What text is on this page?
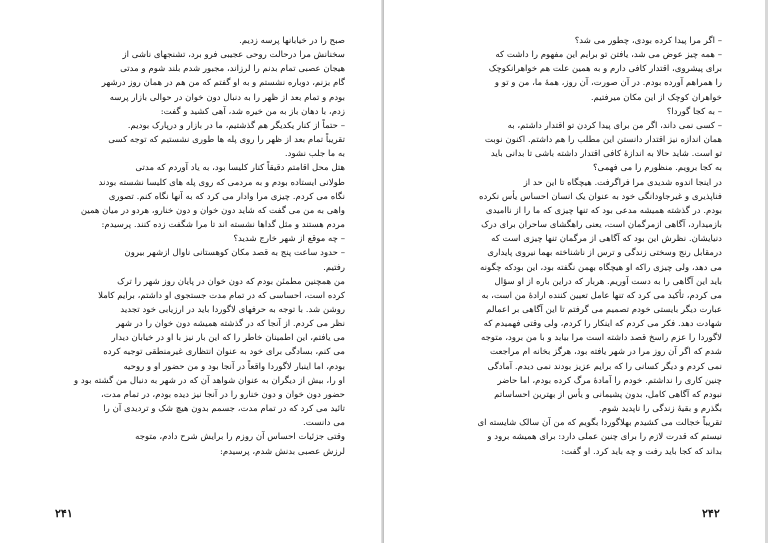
صبح را در خیابانها پرسه زدیم.
سخنانش مرا درحالت روحی عجیبی فرو برد، تشنجهای ناشی از
هیجان عصبی تمام بدنم را لرزاند، مجبور شدم بلند شوم و مدتی
گام بزنم، دوباره نشستم و به او گفتم که من هم در همان روز درشهر
بودم و تمام بعد از ظهر را به دنبال دون خوان در حوالی بازار پرسه
زدم، با دهان باز به من خیره شد، آهی کشید و گفت:
– حتماً از کنار یکدیگر هم گذشتیم، ما در بازار و درپارک بودیم.
تقریباً تمام بعد از ظهر را روی پله ها طوری نشستیم که توجه کسی
به ما جلب نشود.
هتل محل اقامتم دقیقاً کنار کلیسا بود، به یاد آوردم که مدتی
طولانی ایستاده بودم و به مردمی که روی پله های کلیسا نشسته بودند
نگاه می کردم. چیزی مرا وادار می کرد که به آنها نگاه کنم. تصوری
واهی به من می گفت که شاید دون خوان و دون خنارو، هردو در میان همین
مردم هستند و مثل گداها نشسته اند تا مرا شگفت زده کنند. پرسیدم:
– چه موقع از شهر خارج شدید؟
– حدود ساعت پنج به قصد مکان کوهستانی ناوال ازشهر بیرون
رفتیم.
من همچنین مطمئن بودم که دون خوان در پایان روز شهر را ترک
کرده است، احساسی که در تمام مدت جستجوی او داشتم، برایم کاملا
روشن شد. با توجه به حرفهای لاگوردا باید در ارزیابی خود تجدید
نظر می کردم. از آنجا که در گذشته همیشه دون خوان را در شهر
می یافتم، این اطمینان خاطر را که این بار نیز با او در خیابان دیدار
می کنم، بسادگی برای خود به عنوان انتظاری غیرمنطقی توجیه کرده
بودم، اما اینبار لاگوردا واقعاً در آنجا بود و من حضور او و روحیه
او را، بیش از دیگران به عنوان شواهد آن که در شهر به دنبال من گشته بود و
حضور دون خوان و دون خنارو را در آنجا نیز دیده بودم، در تمام مدت،
تائید می کرد که در تمام مدت، جسمم بدون هیچ شک و تردیدی آن را
می دانست.
وقتی جزئیات احساس آن روزم را برایش شرح دادم، متوجه
لرزش عصبی بدنش شدم، پرسیدم:
۲۴۱
– اگر مرا پیدا کرده بودی، چطور می شد؟
– همه چیز عوض می شد، یافتن تو برایم این مفهوم را داشت که
برای پیشروی، اقتدار کافی دارم و به همین علت هم خواهرانکوچک
را همراهم آورده بودم. در آن صورت، آن روز، همهٔ ما، من و تو و
خواهران کوچک از این مکان میرفتیم.
– به کجا گوردا؟
– کسی نمی داند، اگر من برای پیدا کردن تو اقتدار داشتم، به
همان اندازه نیز اقتدار دانستن این مطلب را هم داشتم. اکنون نوبت
تو است. شاید حالا به اندازهٔ کافی اقتدار داشته باشی تا بدانی باید
به کجا برویم. منظورم را می فهمی؟
در اینجا اندوه شدیدی مرا فراگرفت. هیچگاه تا این حد از
فناپذیری و غیرجاودانگی خود به عنوان یک انسان احساس یأس نکرده
بودم. در گذشته همیشه مدعی بود که تنها چیزی که ما را از ناامیدی
بازمیدارد، آگاهی ازمرگمان است، یعنی راهگشای ساحران برای درک
دنیایشان. نظرش این بود که آگاهی از مرگمان تنها چیزی است که
درمقابل رنج وسختی زندگی و ترس از ناشناخته بهما نیروی پایداری
می دهد، ولی چیزی راکه او هیچگاه بهمن نگفته بود، این بودکه چگونه
باید این آگاهی را به دست آوریم. هربار که دراین باره از او سؤال
می کردم، تأکید می کرد که تنها عامل تعیین کننده ارادهٔ من است، به
عبارت دیگر بایستی خودم تصمیم می گرفتم تا این آگاهی بر اعمالم
شهادت دهد. فکر می کردم که اینکار را کردم، ولی وقتی فهمیدم که
لاگوردا را عزم راسخ قصد داشته است مرا بیابد و با من برود، متوجه
شدم که اگر آن روز مرا در شهر یافته بود، هرگز بخانه ام مراجعت
نمی کردم و دیگر کسانی را که برایم عزیز بودند نمی دیدم. آمادگی
چنین کاری را نداشتم. خودم را آمادهٔ مرگ کرده بودم، اما حاضر
نبودم که آگاهی کامل، بدون پشیمانی و یأس از بهترین احساساتم
بگذرم و بقیهٔ زندگی را ناپدید شوم.
تقریباً خجالت می کشیدم بهلاگوردا بگویم که من آن سالک شایسته ای
نیستم که قدرت لازم را برای چنین عملی دارد: برای همیشه برود و
بداند که کجا باید رفت و چه باید کرد. او گفت:
۲۴۲
